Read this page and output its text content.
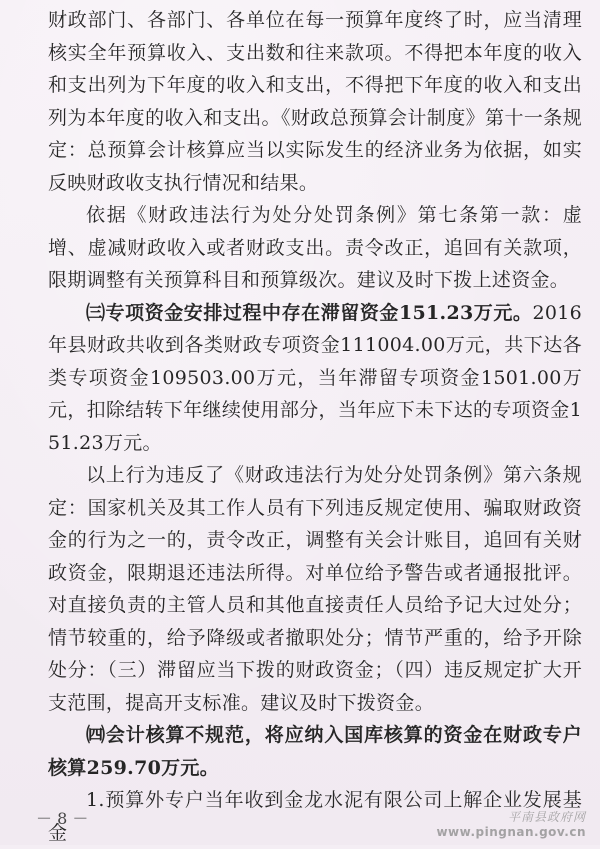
财政部门、各部门、各单位在每一预算年度终了时，应当清理核实全年预算收入、支出数和往来款项。不得把本年度的收入和支出列为下年度的收入和支出，不得把下年度的收入和支出列为本年度的收入和支出。《财政总预算会计制度》第十一条规定：总预算会计核算应当以实际发生的经济业务为依据，如实反映财政收支执行情况和结果。

依据《财政违法行为处分处罚条例》第七条第一款：虚增、虚减财政收入或者财政支出。责令改正，追回有关款项，限期调整有关预算科目和预算级次。建议及时下拨上述资金。

㈢专项资金安排过程中存在滞留资金151.23万元。2016年县财政共收到各类财政专项资金111004.00万元，共下达各类专项资金109503.00万元，当年滞留专项资金1501.00万元，扣除结转下年继续使用部分，当年应下未下达的专项资金151.23万元。

以上行为违反了《财政违法行为处分处罚条例》第六条规定：国家机关及其工作人员有下列违反规定使用、骗取财政资金的行为之一的，责令改正，调整有关会计账目，追回有关财政资金，限期退还违法所得。对单位给予警告或者通报批评。对直接负责的主管人员和其他直接责任人员给予记大过处分；情节较重的，给予降级或者撤职处分；情节严重的，给予开除处分：（三）滞留应当下拨的财政资金；（四）违反规定扩大开支范围，提高开支标准。建议及时下拨资金。

㈣会计核算不规范，将应纳入国库核算的资金在财政专户核算259.70万元。

1.预算外专户当年收到金龙水泥有限公司上解企业发展基金

－ 8 －	平南县政府网
www.pingnan.gov.cn
